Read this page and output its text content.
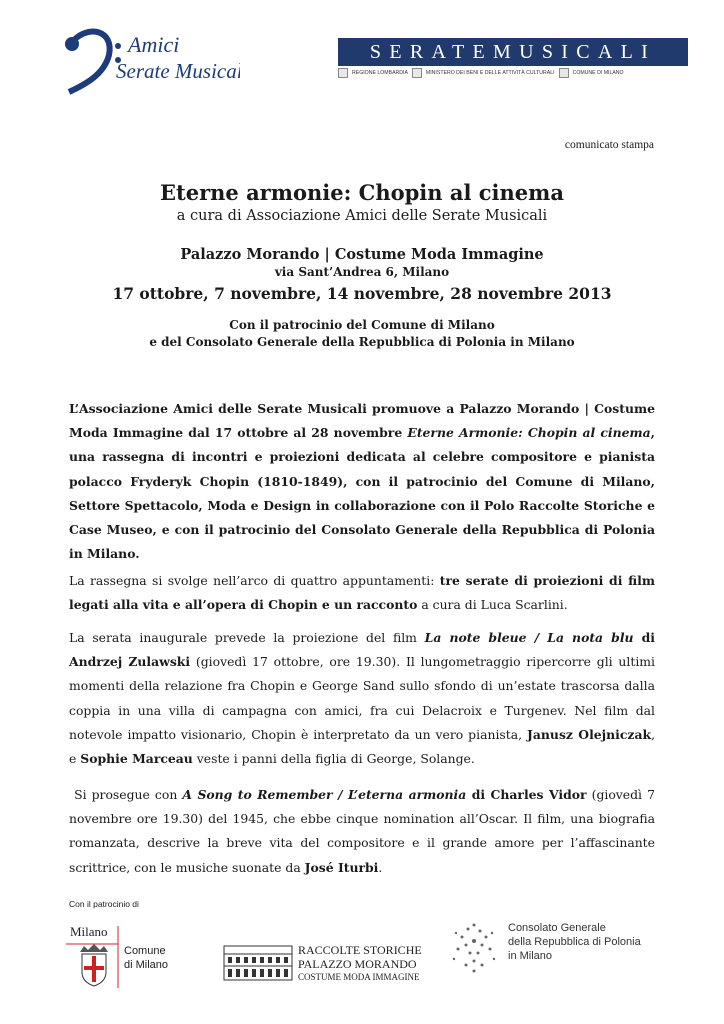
Amici
Serate Musicali
SERATEMUSICALI
REGIONE LOMBARDIA	MINISTERO DEI BENI E DELLE ATTIVITÀ CULTURALI	COMUNE DI MILANO
comunicato stampa
Eterne armonie: Chopin al cinema
a cura di Associazione Amici delle Serate Musicali
Palazzo Morando | Costume Moda Immagine
via Sant’Andrea 6, Milano
17 ottobre, 7 novembre, 14 novembre, 28 novembre 2013
Con il patrocinio del Comune di Milano
e del Consolato Generale della Repubblica di Polonia in Milano

L’Associazione Amici delle Serate Musicali promuove a Palazzo Morando | Costume Moda Immagine dal 17 ottobre al 28 novembre Eterne Armonie: Chopin al cinema, una rassegna di incontri e proiezioni dedicata al celebre compositore e pianista polacco Fryderyk Chopin (1810-1849), con il patrocinio del Comune di Milano, Settore Spettacolo, Moda e Design in collaborazione con il Polo Raccolte Storiche e Case Museo, e con il patrocinio del Consolato Generale della Repubblica di Polonia in Milano.

La rassegna si svolge nell’arco di quattro appuntamenti: tre serate di proiezioni di film legati alla vita e all’opera di Chopin e un racconto a cura di Luca Scarlini.

La serata inaugurale prevede la proiezione del film La note bleue / La nota blu di Andrzej Zulawski (giovedì 17 ottobre, ore 19.30). Il lungometraggio ripercorre gli ultimi momenti della relazione fra Chopin e George Sand sullo sfondo di un’estate trascorsa dalla coppia in una villa di campagna con amici, fra cui Delacroix e Turgenev. Nel film dal notevole impatto visionario, Chopin è interpretato da un vero pianista, Janusz Olejniczak, e Sophie Marceau veste i panni della figlia di George, Solange.

Si prosegue con A Song to Remember / L’eterna armonia di Charles Vidor (giovedì 7 novembre ore 19.30) del 1945, che ebbe cinque nomination all’Oscar. Il film, una biografia romanzata, descrive la breve vita del compositore e il grande amore per l’affascinante scrittrice, con le musiche suonate da José Iturbi.

Con il patrocinio di
Milano
Comune
di Milano
RACCOLTE STORICHE
PALAZZO MORANDO
COSTUME MODA IMMAGINE
Consolato Generale
della Repubblica di Polonia
in Milano
